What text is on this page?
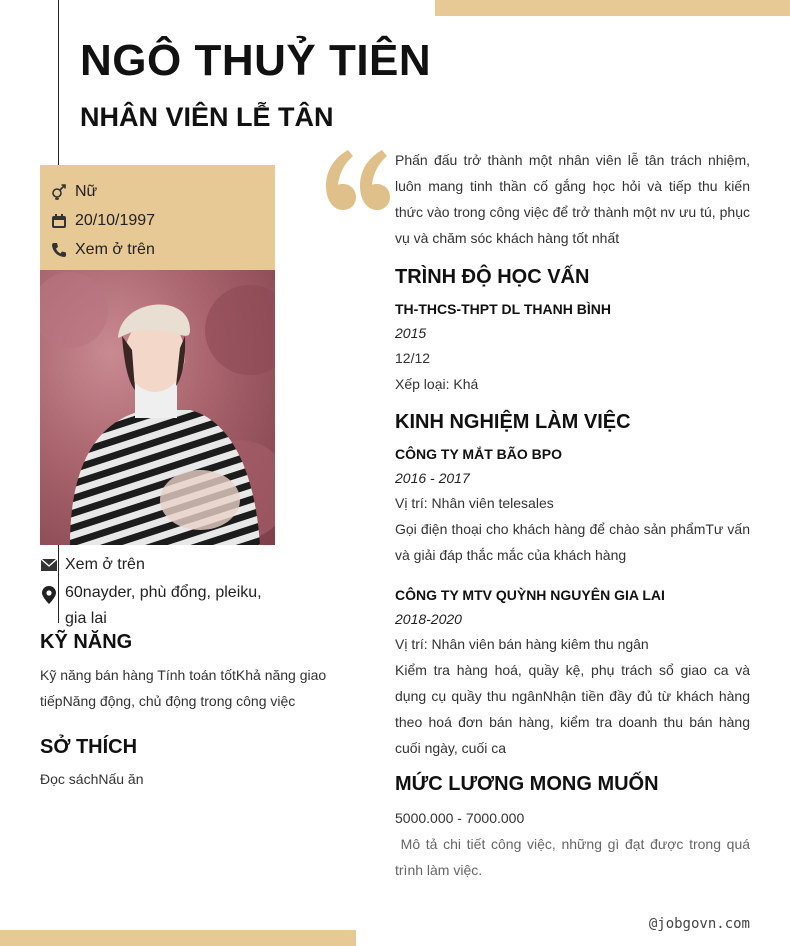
NGÔ THUỶ TIÊN
NHÂN VIÊN LỄ TÂN
Nữ
20/10/1997
Xem ở trên
Xem ở trên
60nayder, phù đổng, pleiku, gia lai
KỸ NĂNG

Kỹ năng bán hàng Tính toán tốtKhả năng giao tiếpNăng động, chủ động trong công việc

SỞ THÍCH

Đọc sáchNấu ăn

Phấn đấu trở thành một nhân viên lễ tân trách nhiệm, luôn mang tinh thần cố gắng học hỏi và tiếp thu kiến thức vào trong công việc để trở thành một nv ưu tú, phục vụ và chăm sóc khách hàng tốt nhất

TRÌNH ĐỘ HỌC VẤN
TH-THCS-THPT DL THANH BÌNH
2015
12/12
Xếp loại: Khá
KINH NGHIỆM LÀM VIỆC
CÔNG TY MẮT BÃO BPO
2016 - 2017
Vị trí: Nhân viên telesales

Gọi điện thoại cho khách hàng để chào sản phẩmTư vấn và giải đáp thắc mắc của khách hàng

CÔNG TY MTV QUỲNH NGUYÊN GIA LAI
2018-2020
Vị trí: Nhân viên bán hàng kiêm thu ngân

Kiểm tra hàng hoá, quầy kệ, phụ trách sổ giao ca và dụng cụ quầy thu ngânNhận tiền đầy đủ từ khách hàng theo hoá đơn bán hàng, kiểm tra doanh thu bán hàng cuối ngày, cuối ca

MỨC LƯƠNG MONG MUỐN
5000.000 - 7000.000

Mô tả chi tiết công việc, những gì đạt được trong quá trình làm việc.

@jobgovn.com
